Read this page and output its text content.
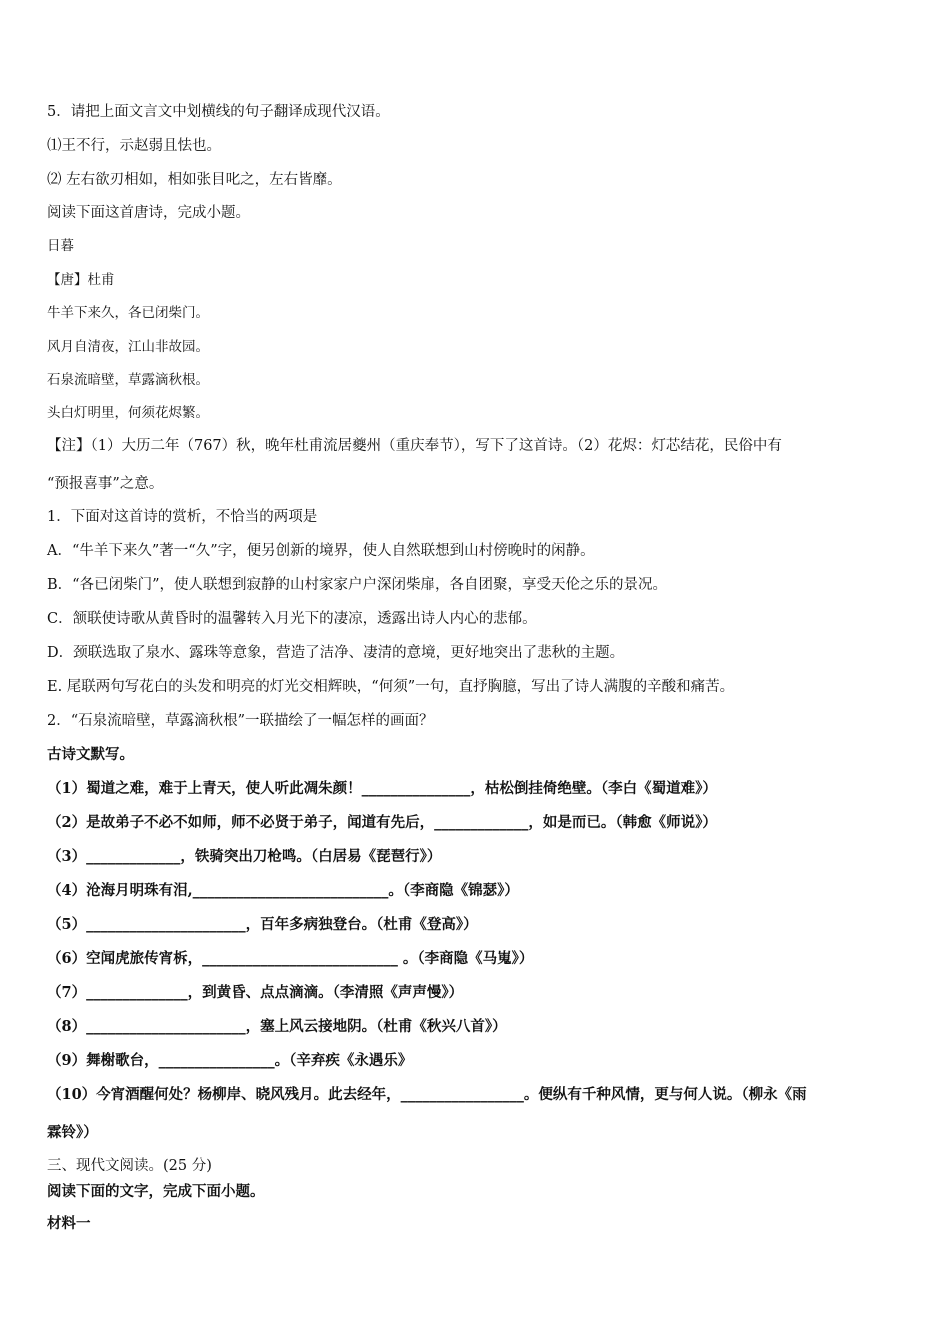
5．请把上面文言文中划横线的句子翻译成现代汉语。
⑴王不行，示赵弱且怯也。
⑵ 左右欲刃相如，相如张目叱之，左右皆靡。
阅读下面这首唐诗，完成小题。
日暮
【唐】杜甫
牛羊下来久，各已闭柴门。
风月自清夜，江山非故园。
石泉流暗壁，草露滴秋根。
头白灯明里，何须花烬繁。
【注】（1）大历二年（767）秋，晚年杜甫流居夔州（重庆奉节），写下了这首诗。（2）花烬：灯芯结花，民俗中有
“预报喜事”之意。
1．下面对这首诗的赏析，不恰当的两项是
A．“牛羊下来久”著一“久”字，便另创新的境界，使人自然联想到山村傍晚时的闲静。
B．“各已闭柴门”，使人联想到寂静的山村家家户户深闭柴扉，各自团聚，享受天伦之乐的景况。
C．颔联使诗歌从黄昏时的温馨转入月光下的凄凉，透露出诗人内心的悲郁。
D．颈联选取了泉水、露珠等意象，营造了洁净、凄清的意境，更好地突出了悲秋的主题。
E. 尾联两句写花白的头发和明亮的灯光交相辉映，“何须”一句，直抒胸臆，写出了诗人满腹的辛酸和痛苦。
2．“石泉流暗壁，草露滴秋根”一联描绘了一幅怎样的画面？
古诗文默写。
（1）蜀道之难，难于上青天，使人听此凋朱颜！_______________，枯松倒挂倚绝壁。（李白《蜀道难》）
（2）是故弟子不必不如师，师不必贤于弟子，闻道有先后，_____________，如是而已。（韩愈《师说》）
（3）_____________，铁骑突出刀枪鸣。（白居易《琵琶行》）
（4）沧海月明珠有泪,___________________________。（李商隐《锦瑟》）
（5）______________________，百年多病独登台。（杜甫《登高》）
（6）空闻虎旅传宵柝，___________________________ 。（李商隐《马嵬》）
（7）______________，到黄昏、点点滴滴。（李清照《声声慢》）
（8）______________________，塞上风云接地阴。（杜甫《秋兴八首》）
（9）舞榭歌台，________________。（辛弃疾《永遇乐》
（10）今宵酒醒何处？杨柳岸、晓风残月。此去经年，_________________。便纵有千种风情，更与何人说。（柳永《雨
霖铃》）
三、现代文阅读。(25 分)
阅读下面的文字，完成下面小题。
材料一
